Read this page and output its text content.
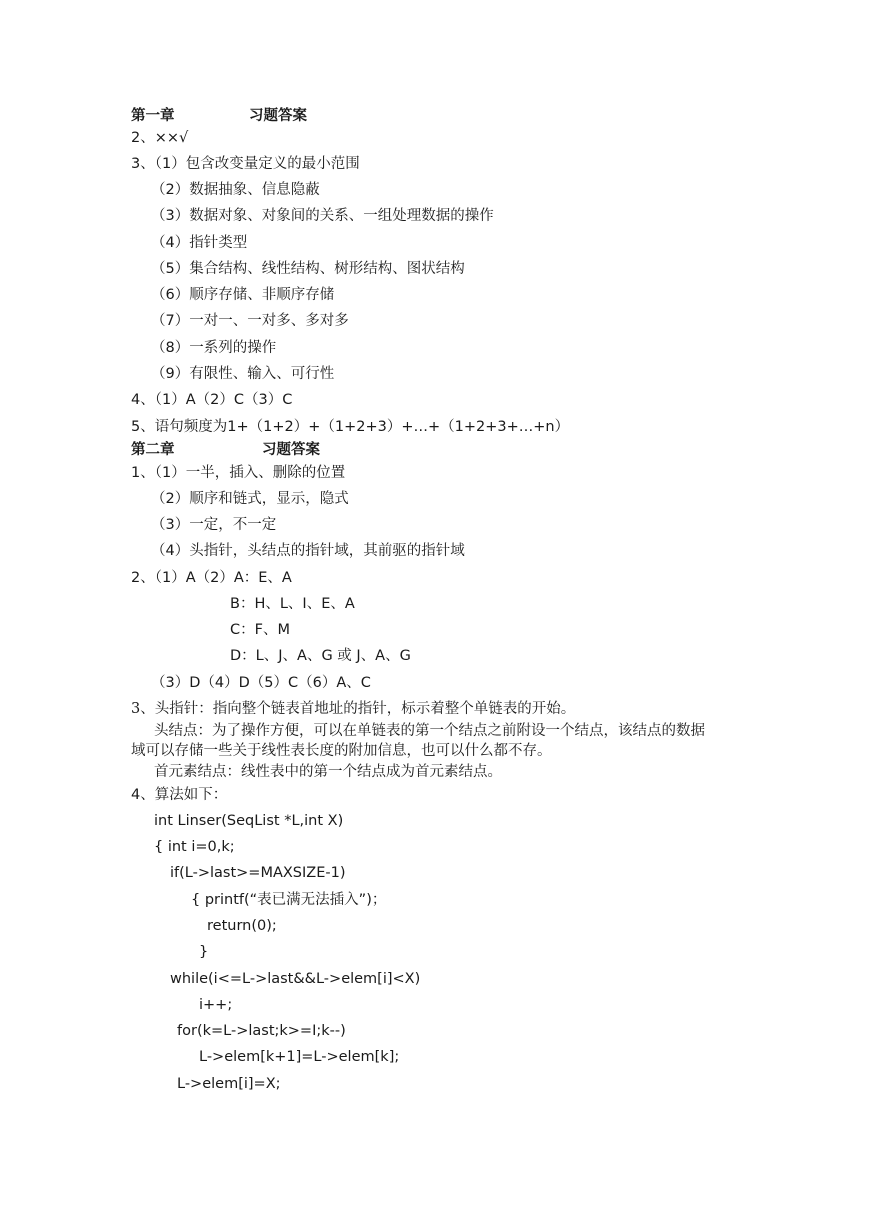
第一章	习题答案
2、××√
3、（1）包含改变量定义的最小范围
（2）数据抽象、信息隐蔽
（3）数据对象、对象间的关系、一组处理数据的操作
（4）指针类型
（5）集合结构、线性结构、树形结构、图状结构
（6）顺序存储、非顺序存储
（7）一对一、一对多、多对多
（8）一系列的操作
（9）有限性、输入、可行性
4、（1）A（2）C（3）C
5、语句频度为1+（1+2）+（1+2+3）+…+（1+2+3+…+n）
第二章	习题答案
1、（1）一半，插入、删除的位置
（2）顺序和链式，显示，隐式
（3）一定，不一定
（4）头指针，头结点的指针域，其前驱的指针域
2、（1）A（2）A：E、A
B：H、L、I、E、A
C：F、M
D：L、J、A、G 或 J、A、G
（3）D（4）D（5）C（6）A、C
3、头指针：指向整个链表首地址的指针，标示着整个单链表的开始。
头结点：为了操作方便，可以在单链表的第一个结点之前附设一个结点，该结点的数据
域可以存储一些关于线性表长度的附加信息，也可以什么都不存。
首元素结点：线性表中的第一个结点成为首元素结点。
4、算法如下：
int Linser(SeqList *L,int X)
{ int i=0,k;
if(L->last>=MAXSIZE-1)
{ printf(“表已满无法插入”)；
return(0);
}
while(i<=L->last&&L->elem[i]<X)
i++;
for(k=L->last;k>=I;k--)
L->elem[k+1]=L->elem[k];
L->elem[i]=X;
